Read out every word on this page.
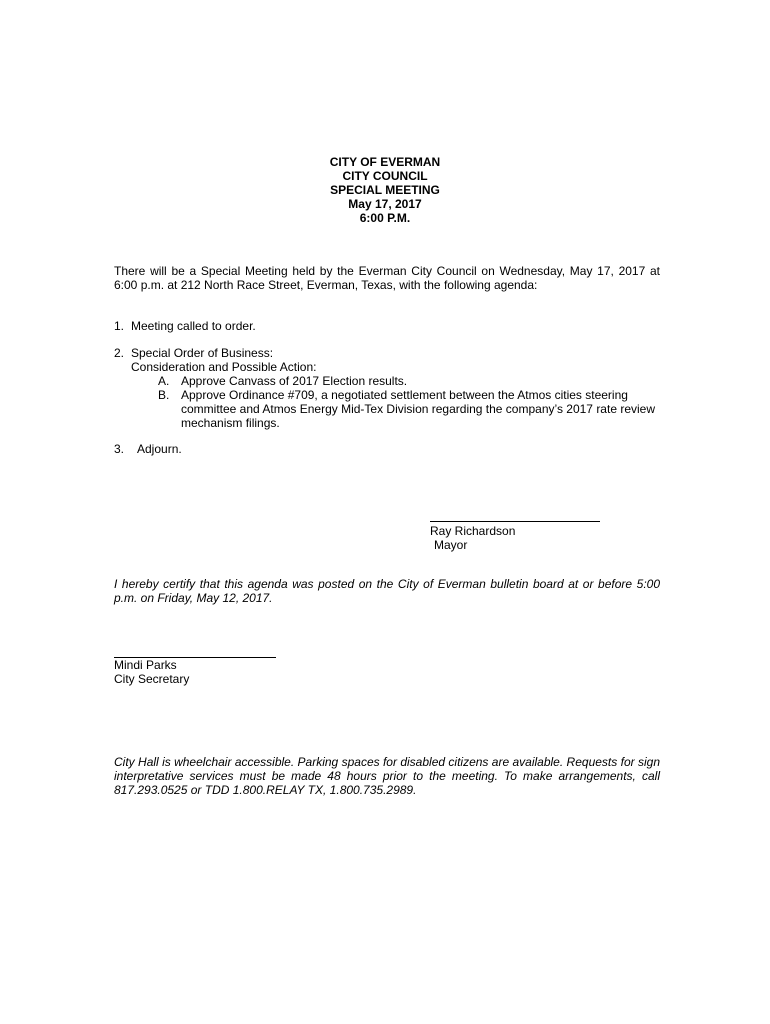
CITY OF EVERMAN
CITY COUNCIL
SPECIAL MEETING
May 17, 2017
6:00 P.M.
There will be a Special Meeting held by the Everman City Council on Wednesday, May 17, 2017 at 6:00 p.m. at 212 North Race Street, Everman, Texas, with the following agenda:
1. Meeting called to order.
2. Special Order of Business:
Consideration and Possible Action:
A. Approve Canvass of 2017 Election results.
B. Approve Ordinance #709, a negotiated settlement between the Atmos cities steering committee and Atmos Energy Mid-Tex Division regarding the company’s 2017 rate review mechanism filings.
3. Adjourn.
Ray Richardson
Mayor
I hereby certify that this agenda was posted on the City of Everman bulletin board at or before 5:00 p.m. on Friday, May 12, 2017.
Mindi Parks
City Secretary
City Hall is wheelchair accessible. Parking spaces for disabled citizens are available. Requests for sign interpretative services must be made 48 hours prior to the meeting. To make arrangements, call 817.293.0525 or TDD 1.800.RELAY TX, 1.800.735.2989.
